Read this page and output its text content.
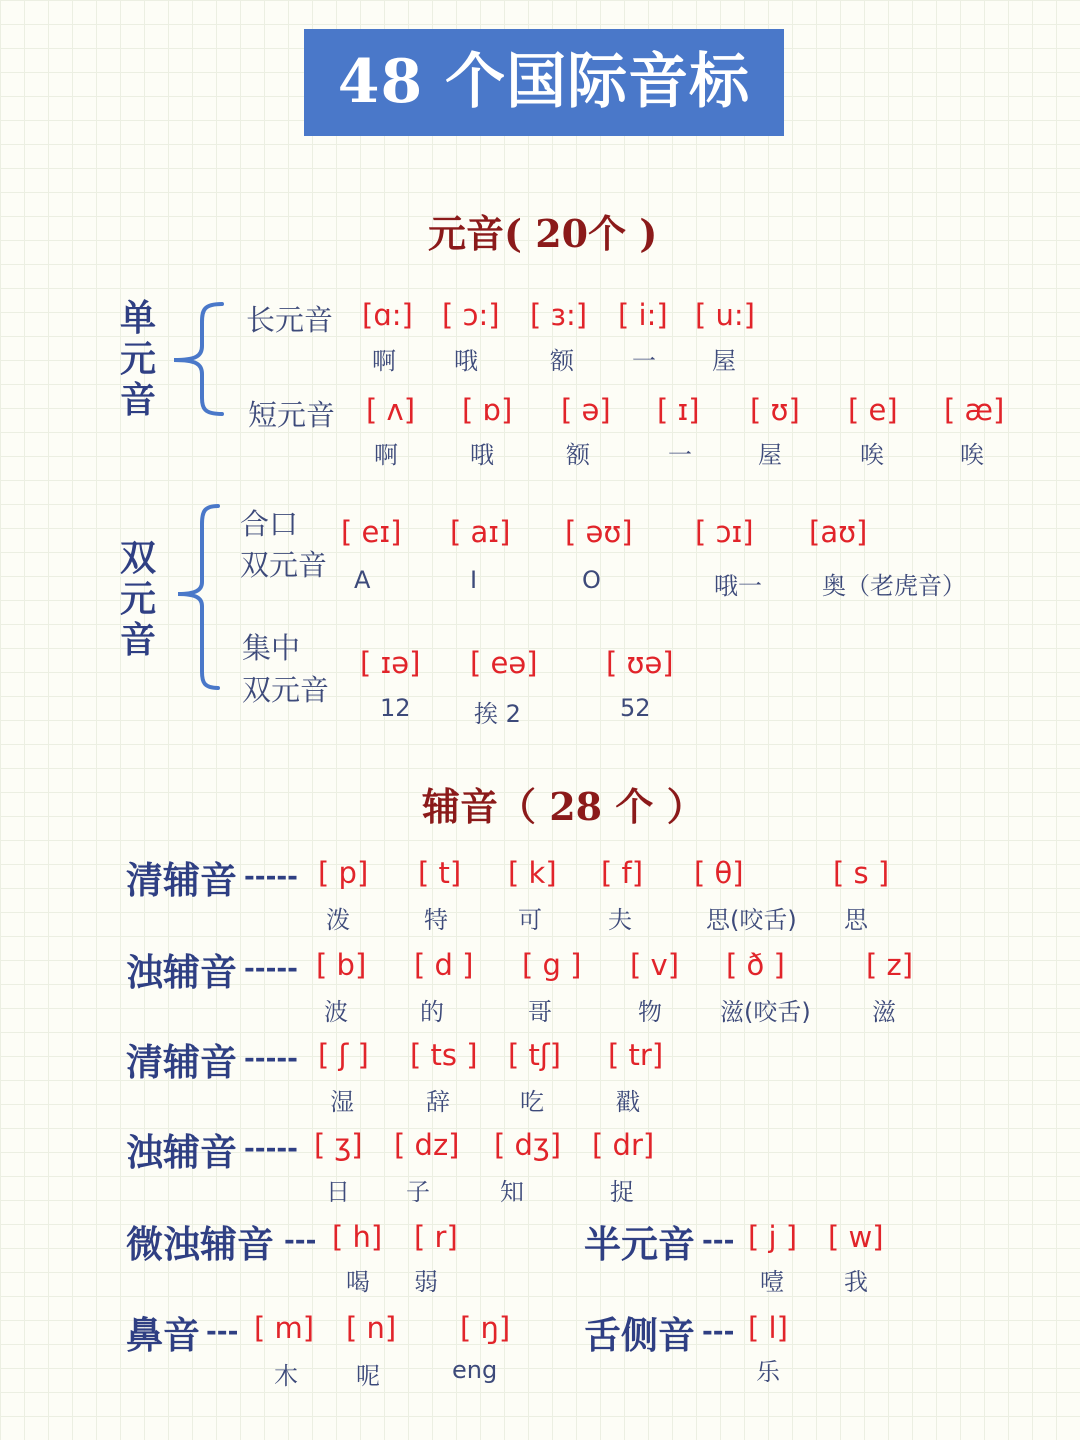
48 个国际音标
元音( 20个 )
单元音
双元音
长元音 [ɑ:] [ ɔ:] [ ɜ:] [ i:] [ u:]
啊 哦	额 一 屋
短元音 [ ʌ] [ ɒ] [ ə] [ ɪ] [ ʊ] [ e] [ æ]
啊	哦	额	一	屋	唉	唉
合口
双元音
[ eɪ] [ aɪ] [ əʊ] [ ɔɪ] [aʊ]
A	I	O	哦一	奥（老虎音）
集中
双元音
[ ɪə] [ eə] [ ʊə]
12	挨 2	52
辅音（ 28 个 ）
清辅音 ----- [ p] [ t] [ k] [ f] [ θ]	[ s ]
泼	特	可	夫	思(咬舌) 思
浊辅音 ----- [ b] [ d ] [ g ] [ v] [ ð ]	[ z]
波	的	哥	物 滋(咬舌)	滋
清辅音 ----- [ ʃ ] [ ts ] [ tʃ] [ tr]
湿	辞	吃	戳
浊辅音 ----- [ ʒ] [ dz] [ dʒ] [ dr]
日 子	知	捉
微浊辅音 --- [ h] [ r]
喝 弱
半元音 --- [ j ] [ w]
噎	我
鼻音 --- [ m] [ n] [ ŋ]
木 呢	eng
舌侧音 --- [ l]
乐
